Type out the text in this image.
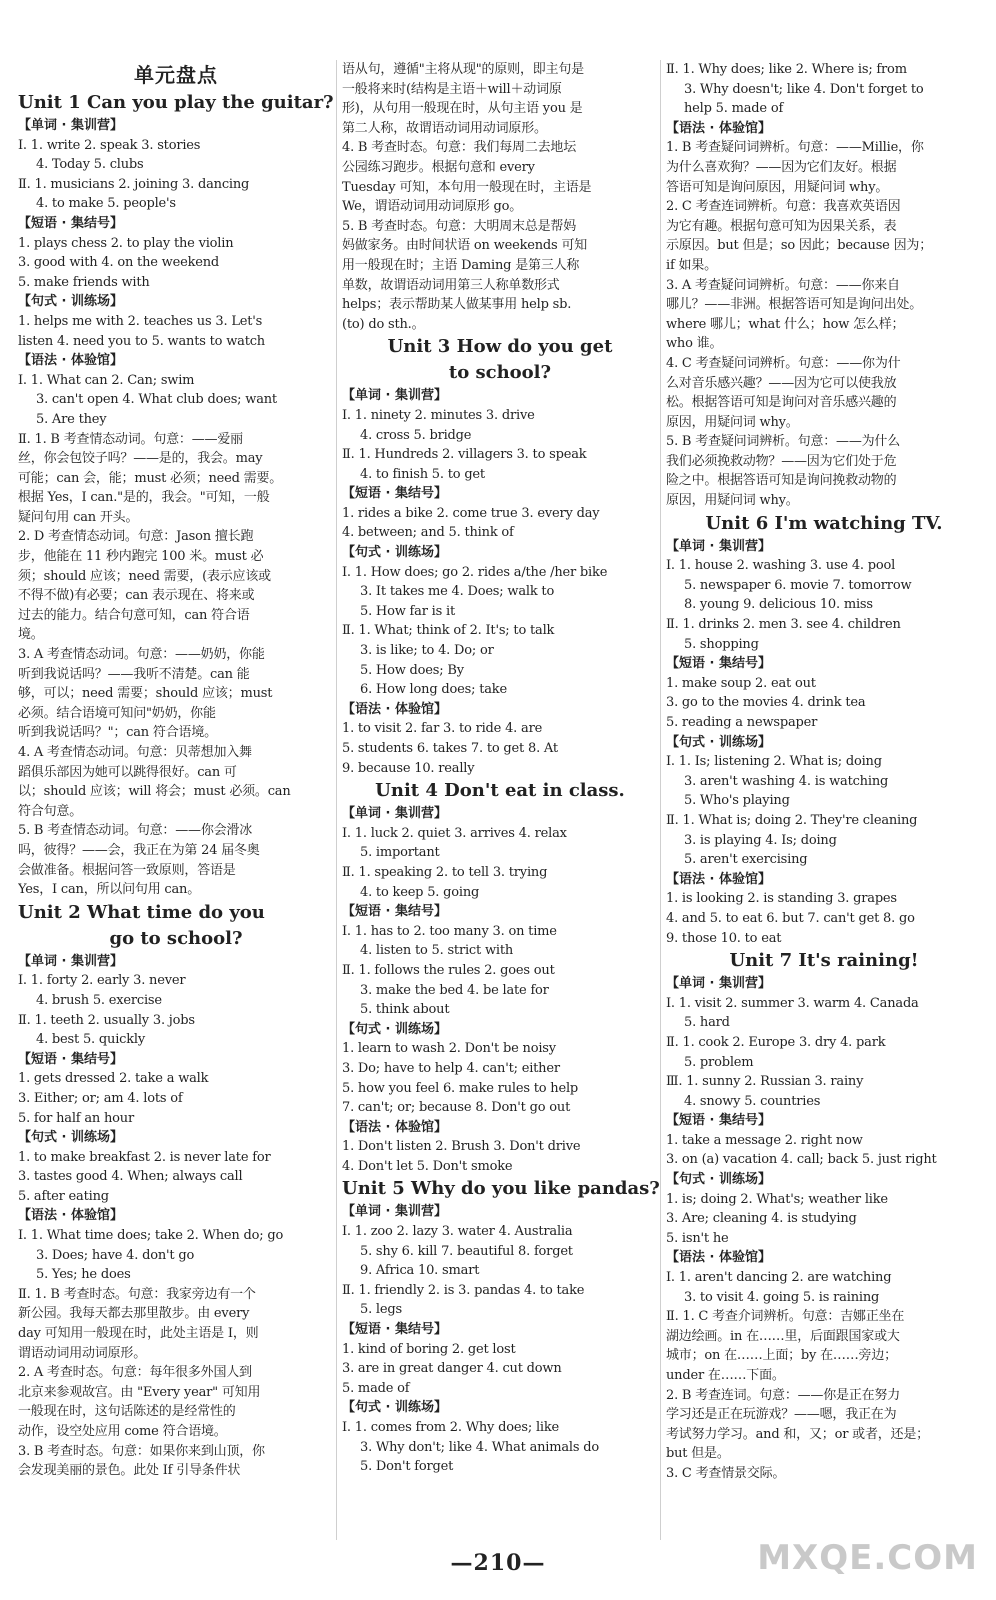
单元盘点
Unit 1 Can you play the guitar?
【单词 · 集训营】
Ⅰ. 1. write 2. speak 3. stories
4. Today 5. clubs
Ⅱ. 1. musicians 2. joining 3. dancing
4. to make 5. people's
【短语 · 集结号】
1. plays chess 2. to play the violin
3. good with 4. on the weekend
5. make friends with
【句式 · 训练场】
1. helps me with 2. teaches us 3. Let's
listen 4. need you to 5. wants to watch
【语法 · 体验馆】
Ⅰ. 1. What can 2. Can; swim
3. can't open 4. What club does; want
5. Are they
Ⅱ. 1. B 考查情态动词。句意：——爱丽
丝，你会包饺子吗？——是的，我会。may
可能；can 会，能；must 必须；need 需要。
根据 Yes，I can."是的，我会。"可知，一般
疑问句用 can 开头。
2. D 考查情态动词。句意：Jason 擅长跑
步，他能在 11 秒内跑完 100 米。must 必
须；should 应该；need 需要，(表示应该或
不得不做)有必要；can 表示现在、将来或
过去的能力。结合句意可知，can 符合语
境。
3. A 考查情态动词。句意：——奶奶，你能
听到我说话吗？——我听不清楚。can 能
够，可以；need 需要；should 应该；must
必须。结合语境可知问"奶奶，你能
听到我说话吗？"；can 符合语境。
4. A 考查情态动词。句意：贝蒂想加入舞
蹈俱乐部因为她可以跳得很好。can 可
以；should 应该；will 将会；must 必须。can
符合句意。
5. B 考查情态动词。句意：——你会滑冰
吗，彼得？——会，我正在为第 24 届冬奥
会做准备。根据问答一致原则，答语是
Yes，I can，所以问句用 can。
Unit 2 What time do you
go to school?
【单词 · 集训营】
Ⅰ. 1. forty 2. early 3. never
4. brush 5. exercise
Ⅱ. 1. teeth 2. usually 3. jobs
4. best 5. quickly
【短语 · 集结号】
1. gets dressed 2. take a walk
3. Either; or; am 4. lots of
5. for half an hour
【句式 · 训练场】
1. to make breakfast 2. is never late for
3. tastes good 4. When; always call
5. after eating
【语法 · 体验馆】
Ⅰ. 1. What time does; take 2. When do; go
3. Does; have 4. don't go
5. Yes; he does
Ⅱ. 1. B 考查时态。句意：我家旁边有一个
新公园。我每天都去那里散步。由 every
day 可知用一般现在时，此处主语是 I，则
谓语动词用动词原形。
2. A 考查时态。句意：每年很多外国人到
北京来参观故宫。由 "Every year" 可知用
一般现在时，这句话陈述的是经常性的
动作，设空处应用 come 符合语境。
3. B 考查时态。句意：如果你来到山顶，你
会发现美丽的景色。此处 If 引导条件状
语从句，遵循"主将从现"的原则，即主句是
一般将来时(结构是主语＋will＋动词原
形)，从句用一般现在时，从句主语 you 是
第二人称，故谓语动词用动词原形。
4. B 考查时态。句意：我们每周二去地坛
公园练习跑步。根据句意和 every
Tuesday 可知，本句用一般现在时，主语是
We，谓语动词用动词原形 go。
5. B 考查时态。句意：大明周末总是帮妈
妈做家务。由时间状语 on weekends 可知
用一般现在时；主语 Daming 是第三人称
单数，故谓语动词用第三人称单数形式
helps；表示帮助某人做某事用 help sb.
(to) do sth.。
Unit 3 How do you get
to school?
【单词 · 集训营】
Ⅰ. 1. ninety 2. minutes 3. drive
4. cross 5. bridge
Ⅱ. 1. Hundreds 2. villagers 3. to speak
4. to finish 5. to get
【短语 · 集结号】
1. rides a bike 2. come true 3. every day
4. between; and 5. think of
【句式 · 训练场】
Ⅰ. 1. How does; go 2. rides a/the /her bike
3. It takes me 4. Does; walk to
5. How far is it
Ⅱ. 1. What; think of 2. It's; to talk
3. is like; to 4. Do; or
5. How does; By
6. How long does; take
【语法 · 体验馆】
1. to visit 2. far 3. to ride 4. are
5. students 6. takes 7. to get 8. At
9. because 10. really
Unit 4 Don't eat in class.
【单词 · 集训营】
Ⅰ. 1. luck 2. quiet 3. arrives 4. relax
5. important
Ⅱ. 1. speaking 2. to tell 3. trying
4. to keep 5. going
【短语 · 集结号】
Ⅰ. 1. has to 2. too many 3. on time
4. listen to 5. strict with
Ⅱ. 1. follows the rules 2. goes out
3. make the bed 4. be late for
5. think about
【句式 · 训练场】
1. learn to wash 2. Don't be noisy
3. Do; have to help 4. can't; either
5. how you feel 6. make rules to help
7. can't; or; because 8. Don't go out
【语法 · 体验馆】
1. Don't listen 2. Brush 3. Don't drive
4. Don't let 5. Don't smoke
Unit 5 Why do you like pandas?
【单词 · 集训营】
Ⅰ. 1. zoo 2. lazy 3. water 4. Australia
5. shy 6. kill 7. beautiful 8. forget
9. Africa 10. smart
Ⅱ. 1. friendly 2. is 3. pandas 4. to take
5. legs
【短语 · 集结号】
1. kind of boring 2. get lost
3. are in great danger 4. cut down
5. made of
【句式 · 训练场】
Ⅰ. 1. comes from 2. Why does; like
3. Why don't; like 4. What animals do
5. Don't forget
Ⅱ. 1. Why does; like 2. Where is; from
3. Why doesn't; like 4. Don't forget to
help 5. made of
【语法 · 体验馆】
1. B 考查疑问词辨析。句意：——Millie，你
为什么喜欢狗？——因为它们友好。根据
答语可知是询问原因，用疑问词 why。
2. C 考查连词辨析。句意：我喜欢英语因
为它有趣。根据句意可知为因果关系，表
示原因。but 但是；so 因此；because 因为；
if 如果。
3. A 考查疑问词辨析。句意：——你来自
哪儿？——非洲。根据答语可知是询问出处。
where 哪儿；what 什么；how 怎么样；
who 谁。
4. C 考查疑问词辨析。句意：——你为什
么对音乐感兴趣？——因为它可以使我放
松。根据答语可知是询问对音乐感兴趣的
原因，用疑问词 why。
5. B 考查疑问词辨析。句意：——为什么
我们必须挽救动物？——因为它们处于危
险之中。根据答语可知是询问挽救动物的
原因，用疑问词 why。
Unit 6 I'm watching TV.
【单词 · 集训营】
Ⅰ. 1. house 2. washing 3. use 4. pool
5. newspaper 6. movie 7. tomorrow
8. young 9. delicious 10. miss
Ⅱ. 1. drinks 2. men 3. see 4. children
5. shopping
【短语 · 集结号】
1. make soup 2. eat out
3. go to the movies 4. drink tea
5. reading a newspaper
【句式 · 训练场】
Ⅰ. 1. Is; listening 2. What is; doing
3. aren't washing 4. is watching
5. Who's playing
Ⅱ. 1. What is; doing 2. They're cleaning
3. is playing 4. Is; doing
5. aren't exercising
【语法 · 体验馆】
1. is looking 2. is standing 3. grapes
4. and 5. to eat 6. but 7. can't get 8. go
9. those 10. to eat
Unit 7 It's raining!
【单词 · 集训营】
Ⅰ. 1. visit 2. summer 3. warm 4. Canada
5. hard
Ⅱ. 1. cook 2. Europe 3. dry 4. park
5. problem
Ⅲ. 1. sunny 2. Russian 3. rainy
4. snowy 5. countries
【短语 · 集结号】
1. take a message 2. right now
3. on (a) vacation 4. call; back 5. just right
【句式 · 训练场】
1. is; doing 2. What's; weather like
3. Are; cleaning 4. is studying
5. isn't he
【语法 · 体验馆】
Ⅰ. 1. aren't dancing 2. are watching
3. to visit 4. going 5. is raining
Ⅱ. 1. C 考查介词辨析。句意：吉娜正坐在
湖边绘画。in 在……里，后面跟国家或大
城市；on 在……上面；by 在……旁边；
under 在……下面。
2. B 考查连词。句意：——你是正在努力
学习还是正在玩游戏？——嗯，我正在为
考试努力学习。and 和，又；or 或者，还是；
but 但是。
3. C 考查情景交际。
—210—	MXQE.COM
